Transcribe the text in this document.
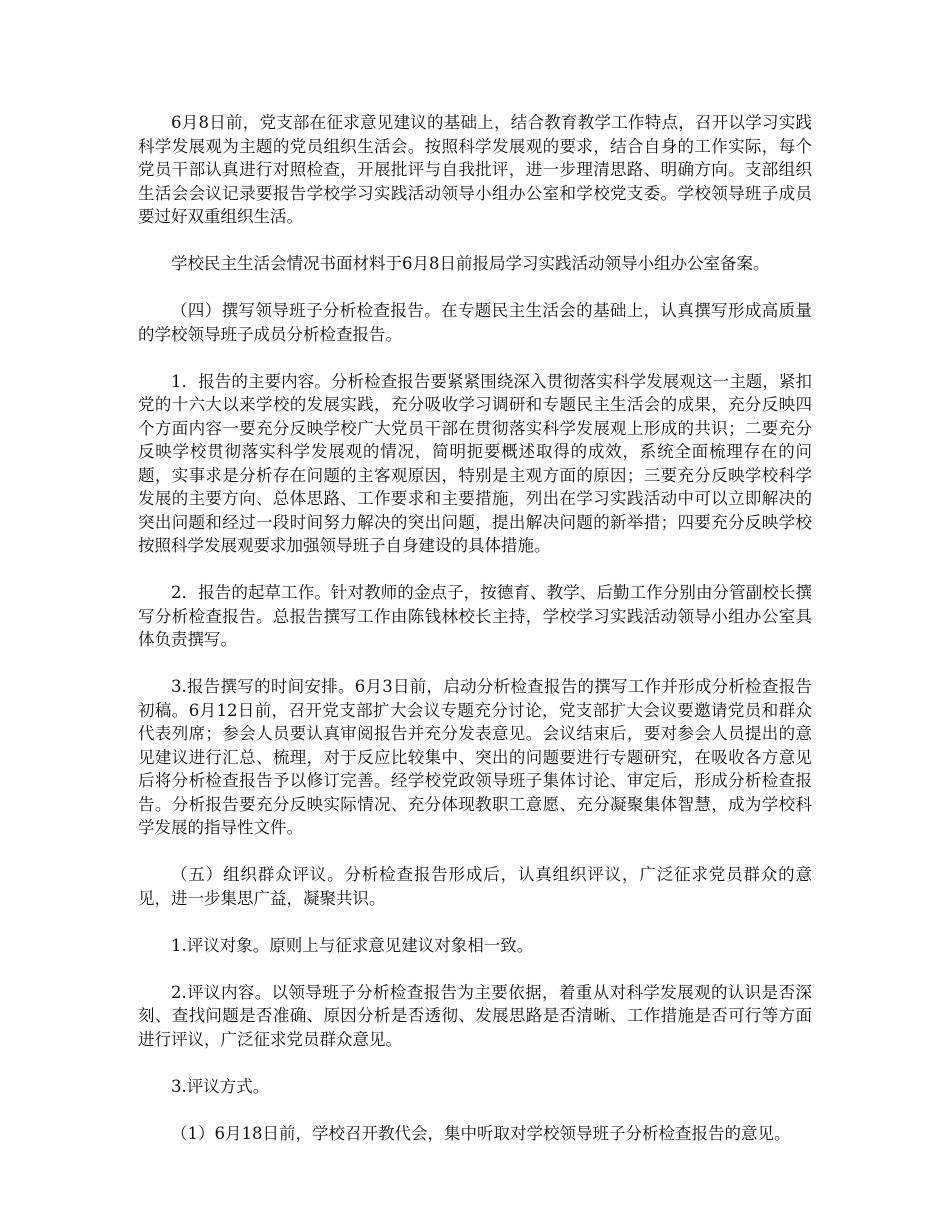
6月8日前，党支部在征求意见建议的基础上，结合教育教学工作特点，召开以学习实践科学发展观为主题的党员组织生活会。按照科学发展观的要求，结合自身的工作实际，每个党员干部认真进行对照检查，开展批评与自我批评，进一步理清思路、明确方向。支部组织生活会会议记录要报告学校学习实践活动领导小组办公室和学校党支委。学校领导班子成员要过好双重组织生活。

学校民主生活会情况书面材料于6月8日前报局学习实践活动领导小组办公室备案。

（四）撰写领导班子分析检查报告。在专题民主生活会的基础上，认真撰写形成高质量的学校领导班子成员分析检查报告。

1．报告的主要内容。分析检查报告要紧紧围绕深入贯彻落实科学发展观这一主题，紧扣党的十六大以来学校的发展实践，充分吸收学习调研和专题民主生活会的成果，充分反映四个方面内容一要充分反映学校广大党员干部在贯彻落实科学发展观上形成的共识；二要充分反映学校贯彻落实科学发展观的情况，简明扼要概述取得的成效，系统全面梳理存在的问题，实事求是分析存在问题的主客观原因，特别是主观方面的原因；三要充分反映学校科学发展的主要方向、总体思路、工作要求和主要措施，列出在学习实践活动中可以立即解决的突出问题和经过一段时间努力解决的突出问题，提出解决问题的新举措；四要充分反映学校按照科学发展观要求加强领导班子自身建设的具体措施。

2．报告的起草工作。针对教师的金点子，按德育、教学、后勤工作分别由分管副校长撰写分析检查报告。总报告撰写工作由陈钱林校长主持，学校学习实践活动领导小组办公室具体负责撰写。

3.报告撰写的时间安排。6月3日前，启动分析检查报告的撰写工作并形成分析检查报告初稿。6月12日前，召开党支部扩大会议专题充分讨论，党支部扩大会议要邀请党员和群众代表列席；参会人员要认真审阅报告并充分发表意见。会议结束后，要对参会人员提出的意见建议进行汇总、梳理，对于反应比较集中、突出的问题要进行专题研究，在吸收各方意见后将分析检查报告予以修订完善。经学校党政领导班子集体讨论、审定后，形成分析检查报告。分析报告要充分反映实际情况、充分体现教职工意愿、充分凝聚集体智慧，成为学校科学发展的指导性文件。

（五）组织群众评议。分析检查报告形成后，认真组织评议，广泛征求党员群众的意见，进一步集思广益，凝聚共识。

1.评议对象。原则上与征求意见建议对象相一致。

2.评议内容。以领导班子分析检查报告为主要依据，着重从对科学发展观的认识是否深刻、查找问题是否准确、原因分析是否透彻、发展思路是否清晰、工作措施是否可行等方面进行评议，广泛征求党员群众意见。

3.评议方式。

（1）6月18日前，学校召开教代会，集中听取对学校领导班子分析检查报告的意见。
